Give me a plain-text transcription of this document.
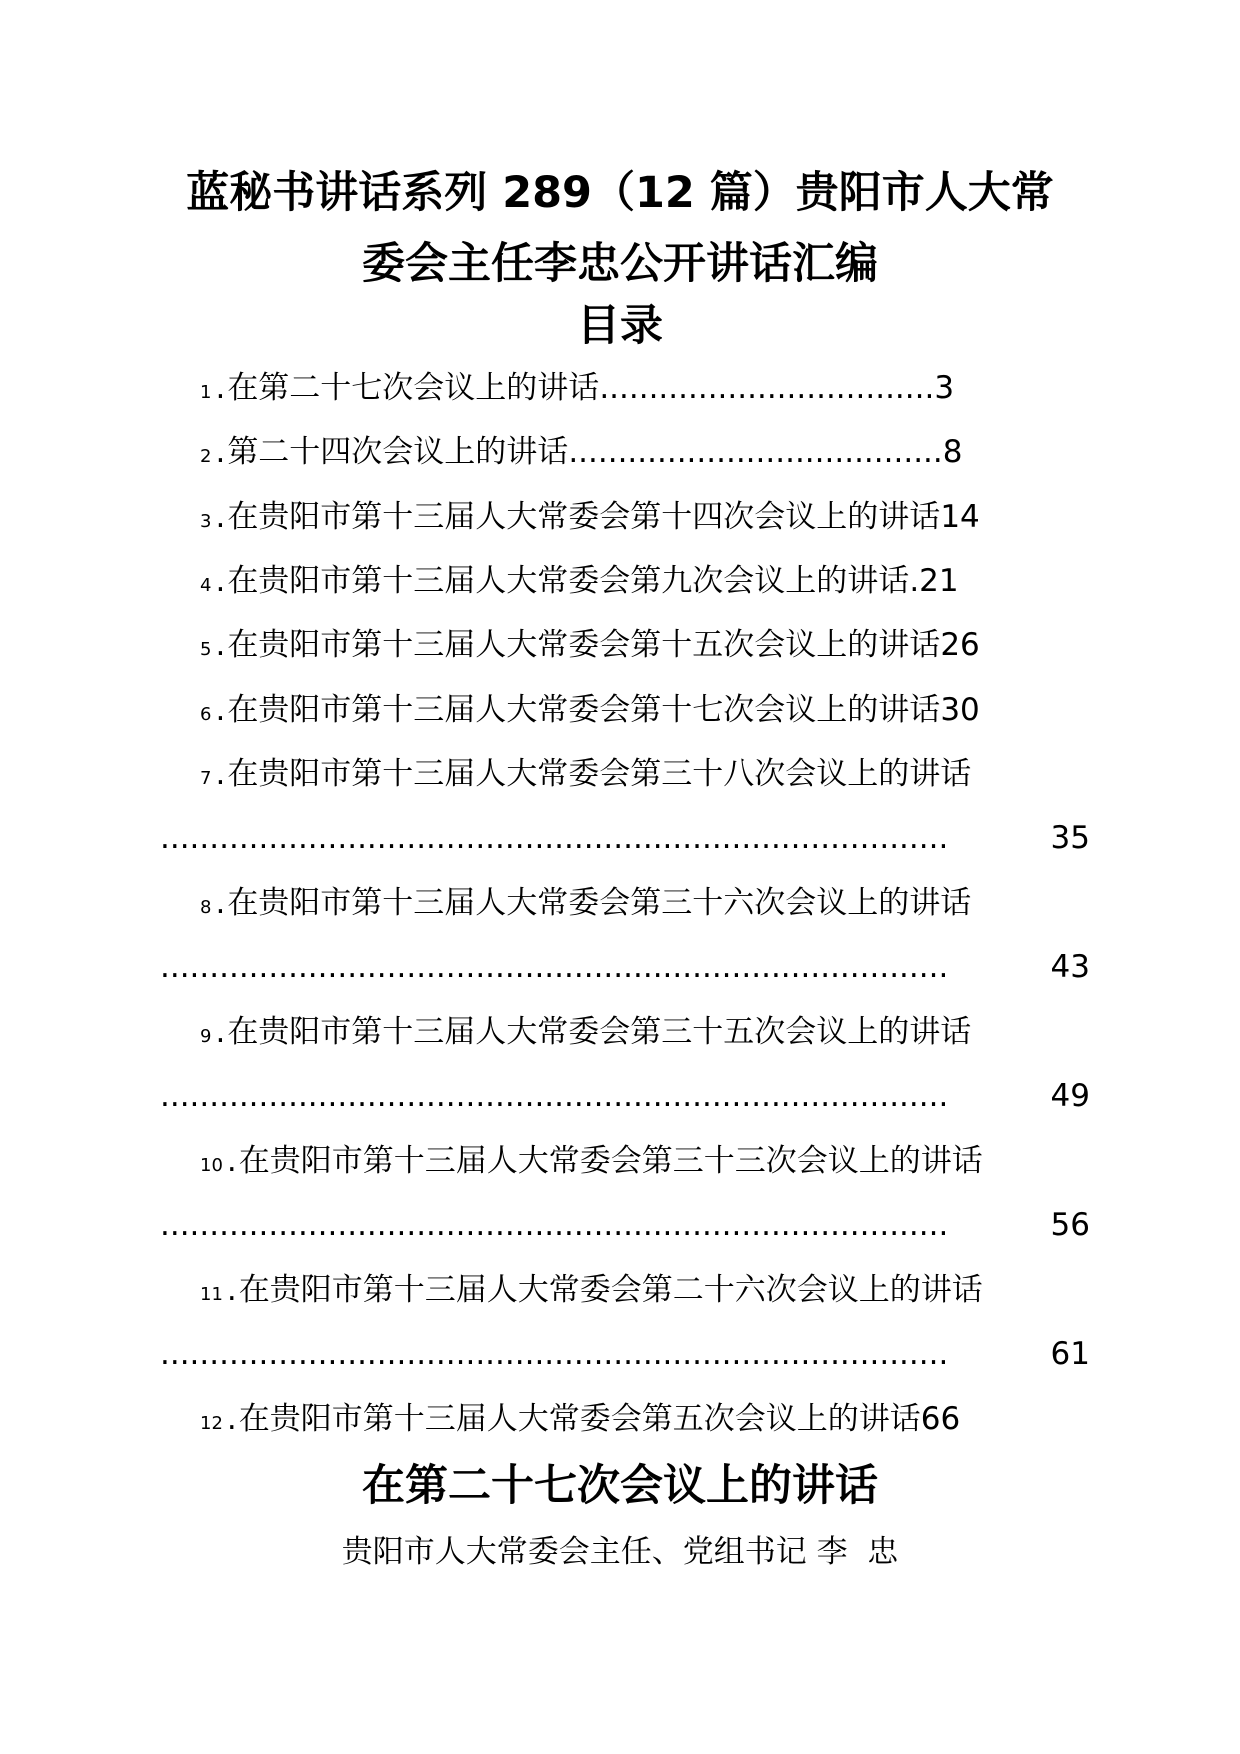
蓝秘书讲话系列 289（12 篇）贵阳市人大常
委会主任李忠公开讲话汇编
目录
1 . 在第二十七次会议上的讲话 .................................. 3
2 . 第二十四次会议上的讲话 ...................................... 8
3 . 在贵阳市第十三届人大常委会第十四次会议上的讲话 14
4 . 在贵阳市第十三届人大常委会第九次会议上的讲话 . 21
5 . 在贵阳市第十三届人大常委会第十五次会议上的讲话 26
6 . 在贵阳市第十三届人大常委会第十七次会议上的讲话 30
7 . 在贵阳市第十三届人大常委会第三十八次会议上的讲话
................................................................................	35
8 . 在贵阳市第十三届人大常委会第三十六次会议上的讲话
................................................................................	43
9 . 在贵阳市第十三届人大常委会第三十五次会议上的讲话
................................................................................	49
10 . 在贵阳市第十三届人大常委会第三十三次会议上的讲话
................................................................................	56
11 . 在贵阳市第十三届人大常委会第二十六次会议上的讲话
................................................................................	61
12 . 在贵阳市第十三届人大常委会第五次会议上的讲话 66
在第二十七次会议上的讲话
贵阳市人大常委会主任、党组书记 李  忠
